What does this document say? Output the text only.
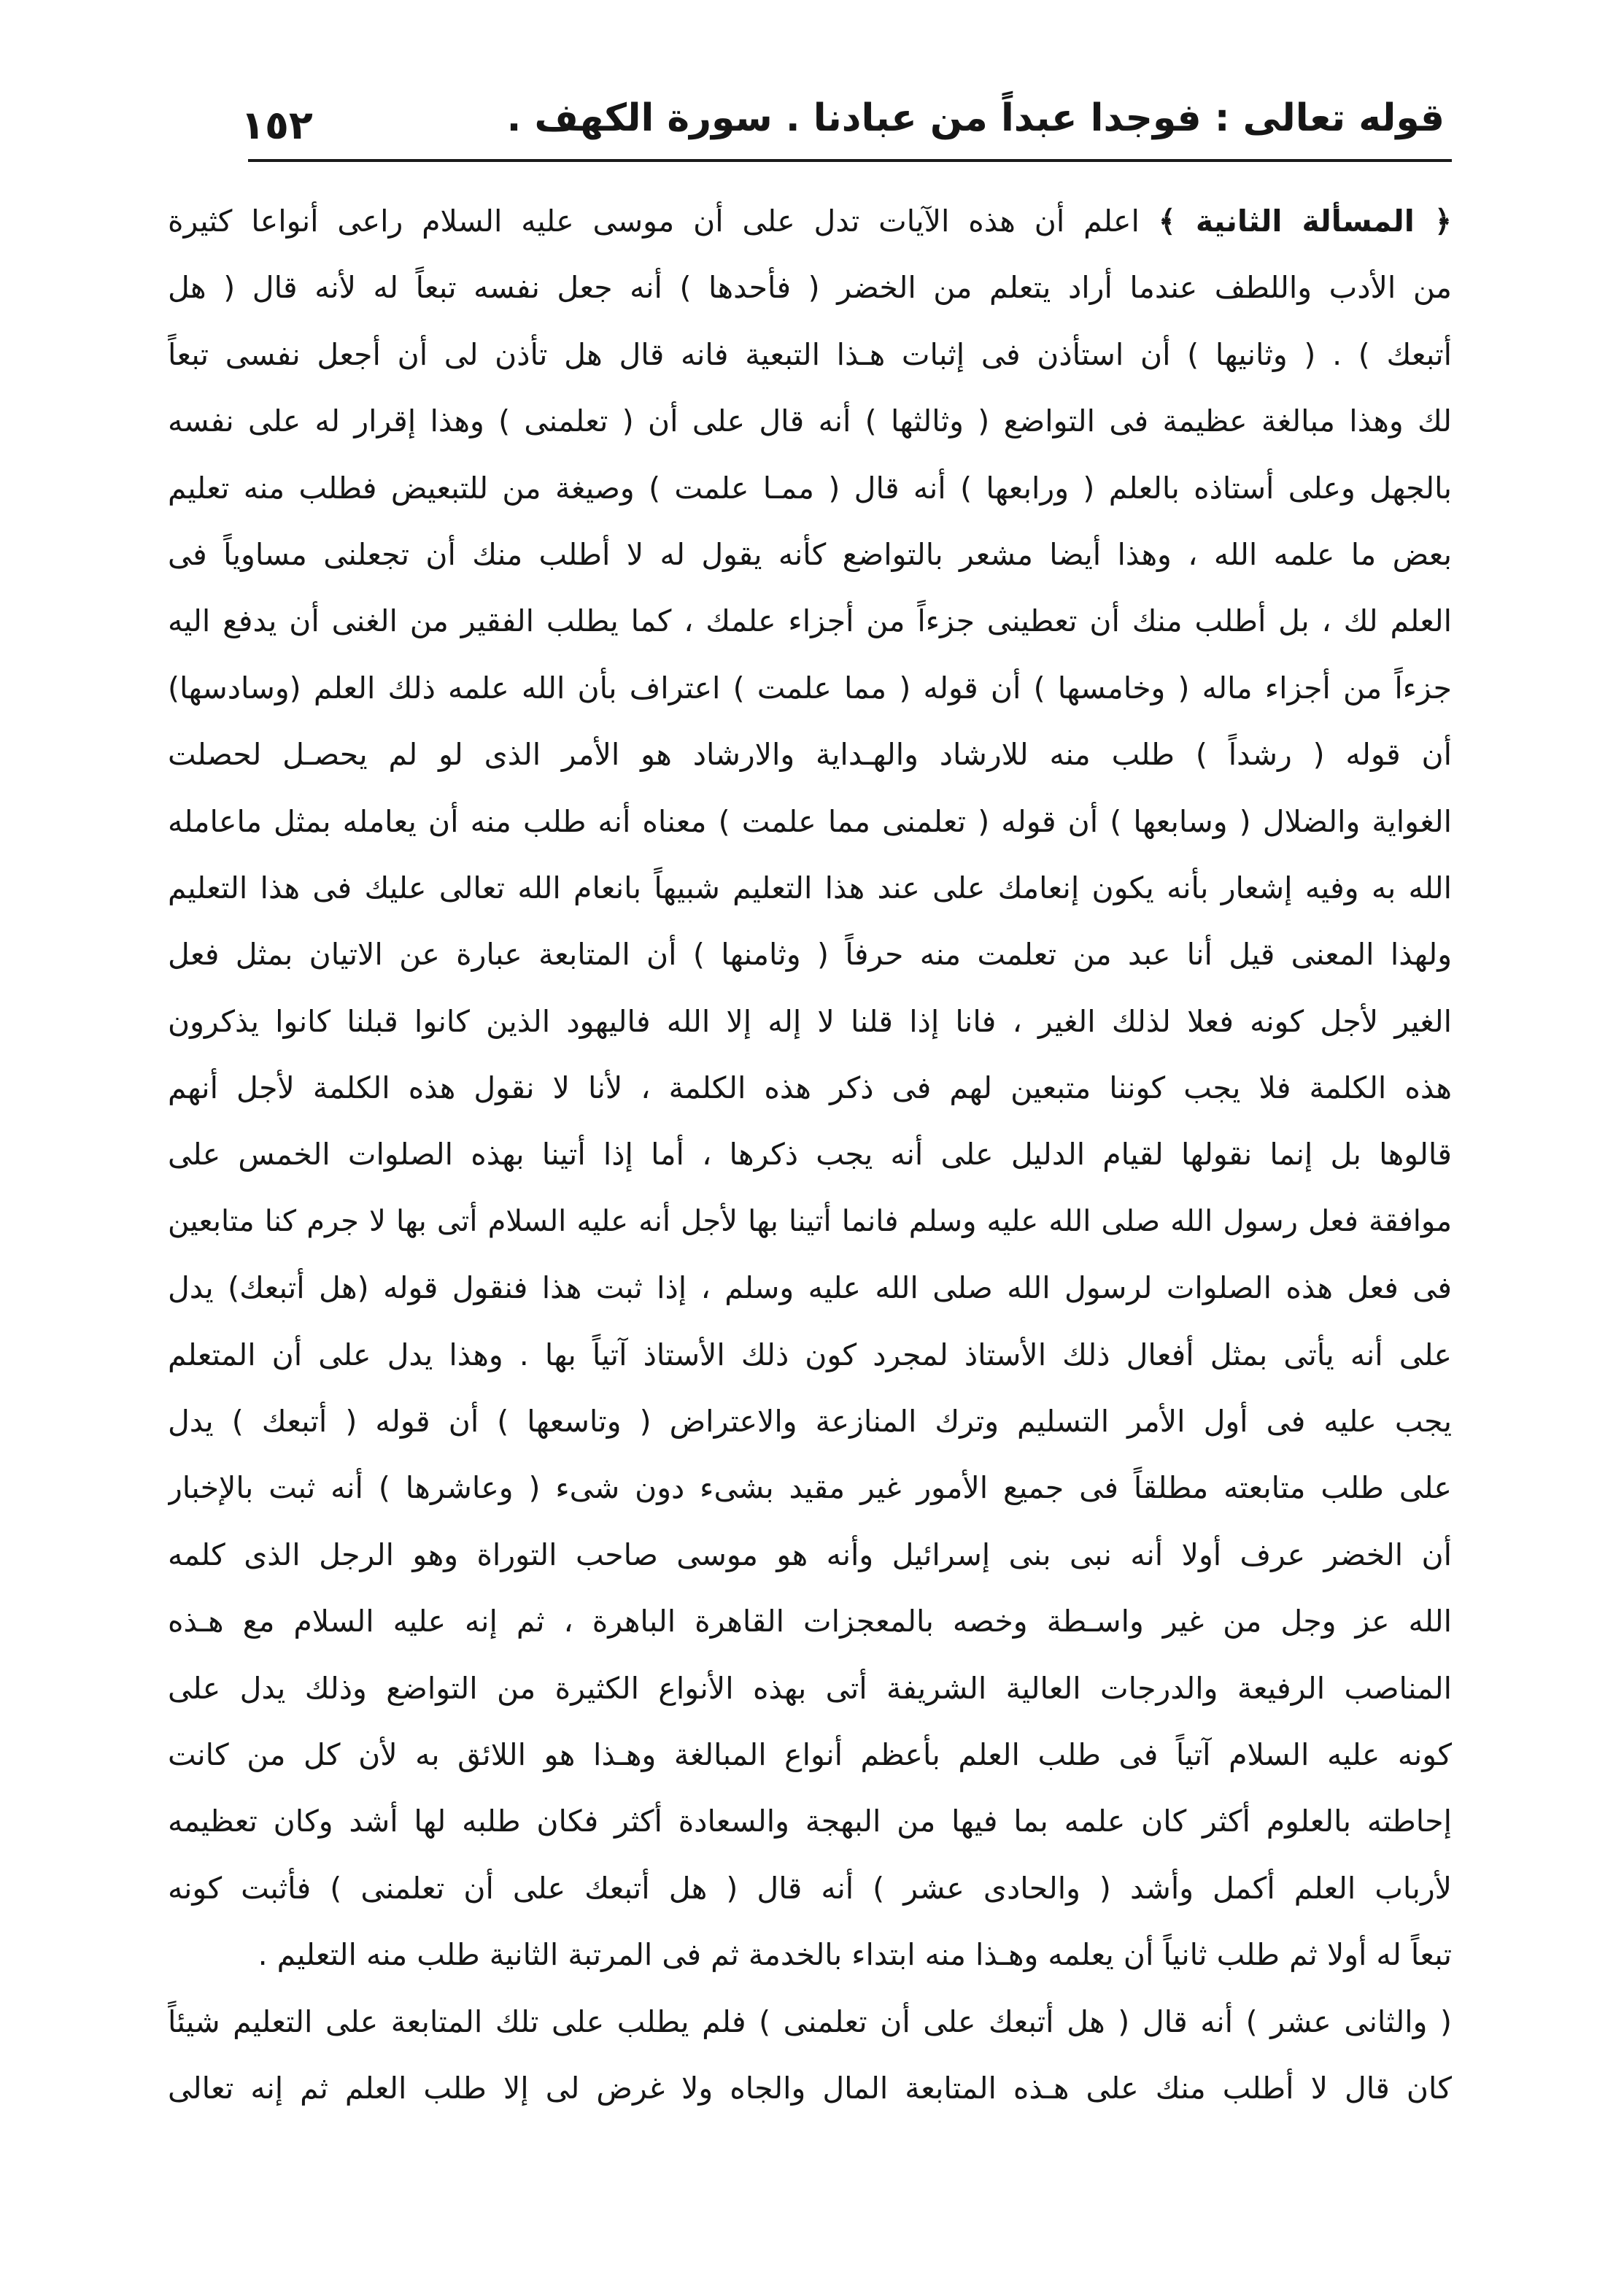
١٥٢	قوله تعالى : فوجدا عبداً من عبادنا . سورة الكهف .
﴿ المسألة الثانية ﴾ اعلم أن هذه الآيات تدل على أن موسى عليه السلام راعى أنواعا كثيرة
من الأدب واللطف عندما أراد يتعلم من الخضر ( فأحدها ) أنه جعل نفسه تبعاً له لأنه قال ( هل
أتبعك ) . ( وثانيها ) أن استأذن فى إثبات هـذا التبعية فانه قال هل تأذن لى أن أجعل نفسى تبعاً
لك وهذا مبالغة عظيمة فى التواضع ( وثالثها ) أنه قال على أن ( تعلمنى ) وهذا إقرار له على نفسه
بالجهل وعلى أستاذه بالعلم ( ورابعها ) أنه قال ( ممـا علمت ) وصيغة من للتبعيض فطلب منه تعليم
بعض ما علمه الله ، وهذا أيضا مشعر بالتواضع كأنه يقول له لا أطلب منك أن تجعلنى مساوياً فى
العلم لك ، بل أطلب منك أن تعطينى جزءاً من أجزاء علمك ، كما يطلب الفقير من الغنى أن يدفع اليه
جزءاً من أجزاء ماله ( وخامسها ) أن قوله ( مما علمت ) اعتراف بأن الله علمه ذلك العلم (وسادسها)
أن قوله ( رشداً ) طلب منه للارشاد والهـداية والارشاد هو الأمر الذى لو لم يحصـل لحصلت
الغواية والضلال ( وسابعها ) أن قوله ( تعلمنى مما علمت ) معناه أنه طلب منه أن يعامله بمثل ماعامله
الله به وفيه إشعار بأنه يكون إنعامك على عند هذا التعليم شبيهاً بانعام الله تعالى عليك فى هذا التعليم
ولهذا المعنى قيل أنا عبد من تعلمت منه حرفاً ( وثامنها ) أن المتابعة عبارة عن الاتيان بمثل فعل
الغير لأجل كونه فعلا لذلك الغير ، فانا إذا قلنا لا إله إلا الله فاليهود الذين كانوا قبلنا كانوا يذكرون
هذه الكلمة فلا يجب كوننا متبعين لهم فى ذكر هذه الكلمة ، لأنا لا نقول هذه الكلمة لأجل أنهم
قالوها بل إنما نقولها لقيام الدليل على أنه يجب ذكرها ، أما إذا أتينا بهذه الصلوات الخمس على
موافقة فعل رسول الله صلى الله عليه وسلم فانما أتينا بها لأجل أنه عليه السلام أتى بها لا جرم كنا متابعين
فى فعل هذه الصلوات لرسول الله صلى الله عليه وسلم ، إذا ثبت هذا فنقول قوله (هل أتبعك) يدل
على أنه يأتى بمثل أفعال ذلك الأستاذ لمجرد كون ذلك الأستاذ آتياً بها . وهذا يدل على أن المتعلم
يجب عليه فى أول الأمر التسليم وترك المنازعة والاعتراض ( وتاسعها ) أن قوله ( أتبعك ) يدل
على طلب متابعته مطلقاً فى جميع الأمور غير مقيد بشىء دون شىء ( وعاشرها ) أنه ثبت بالإخبار
أن الخضر عرف أولا أنه نبى بنى إسرائيل وأنه هو موسى صاحب التوراة وهو الرجل الذى كلمه
الله عز وجل من غير واسـطة وخصه بالمعجزات القاهرة الباهرة ، ثم إنه عليه السلام مع هـذه
المناصب الرفيعة والدرجات العالية الشريفة أتى بهذه الأنواع الكثيرة من التواضع وذلك يدل على
كونه عليه السلام آتياً فى طلب العلم بأعظم أنواع المبالغة وهـذا هو اللائق به لأن كل من كانت
إحاطته بالعلوم أكثر كان علمه بما فيها من البهجة والسعادة أكثر فكان طلبه لها أشد وكان تعظيمه
لأرباب العلم أكمل وأشد ( والحادى عشر ) أنه قال ( هل أتبعك على أن تعلمنى ) فأثبت كونه
تبعاً له أولا ثم طلب ثانياً أن يعلمه وهـذا منه ابتداء بالخدمة ثم فى المرتبة الثانية طلب منه التعليم .
( والثانى عشر ) أنه قال ( هل أتبعك على أن تعلمنى ) فلم يطلب على تلك المتابعة على التعليم شيئاً
كان قال لا أطلب منك على هـذه المتابعة المال والجاه ولا غرض لى إلا طلب العلم ثم إنه تعالى
